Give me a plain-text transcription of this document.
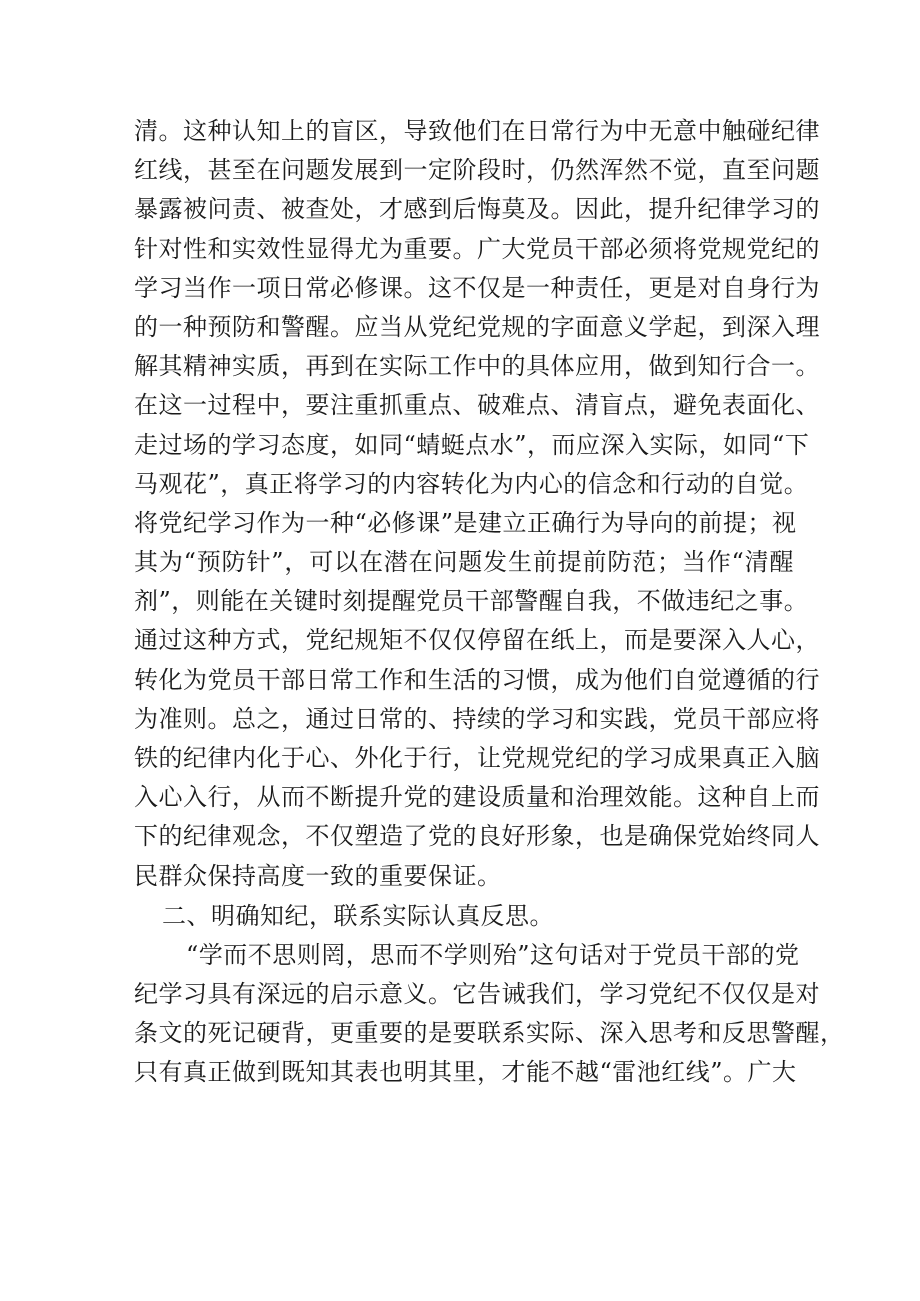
清。这种认知上的盲区，导致他们在日常行为中无意中触碰纪律
红线，甚至在问题发展到一定阶段时，仍然浑然不觉，直至问题
暴露被问责、被查处，才感到后悔莫及。因此，提升纪律学习的
针对性和实效性显得尤为重要。广大党员干部必须将党规党纪的
学习当作一项日常必修课。这不仅是一种责任，更是对自身行为
的一种预防和警醒。应当从党纪党规的字面意义学起，到深入理
解其精神实质，再到在实际工作中的具体应用，做到知行合一。
在这一过程中，要注重抓重点、破难点、清盲点，避免表面化、
走过场的学习态度，如同“蜻蜓点水”，而应深入实际，如同“下
马观花”，真正将学习的内容转化为内心的信念和行动的自觉。
将党纪学习作为一种“必修课”是建立正确行为导向的前提；视
其为“预防针”，可以在潜在问题发生前提前防范；当作“清醒
剂”，则能在关键时刻提醒党员干部警醒自我，不做违纪之事。
通过这种方式，党纪规矩不仅仅停留在纸上，而是要深入人心，
转化为党员干部日常工作和生活的习惯，成为他们自觉遵循的行
为准则。总之，通过日常的、持续的学习和实践，党员干部应将
铁的纪律内化于心、外化于行，让党规党纪的学习成果真正入脑
入心入行，从而不断提升党的建设质量和治理效能。这种自上而
下的纪律观念，不仅塑造了党的良好形象，也是确保党始终同人
民群众保持高度一致的重要保证。
二、明确知纪，联系实际认真反思。
“学而不思则罔，思而不学则殆”这句话对于党员干部的党
纪学习具有深远的启示意义。它告诫我们，学习党纪不仅仅是对
条文的死记硬背，更重要的是要联系实际、深入思考和反思警醒，
只有真正做到既知其表也明其里，才能不越“雷池红线”。广大
